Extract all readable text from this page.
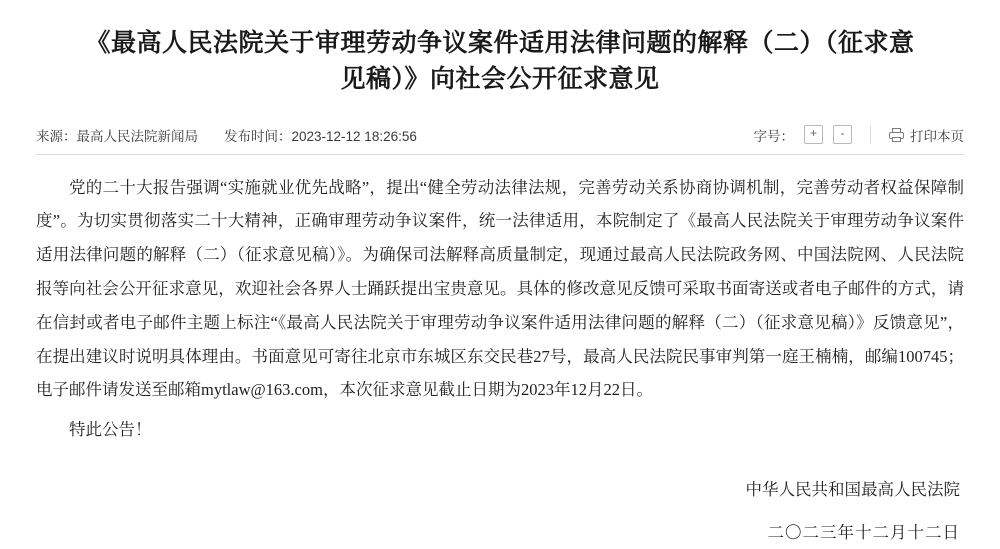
《最高人民法院关于审理劳动争议案件适用法律问题的解释（二）（征求意见稿）》向社会公开征求意见
来源：最高人民法院新闻局 发布时间：2023-12-12 18:26:56	字号：	+	-	打印本页

党的二十大报告强调“实施就业优先战略”，提出“健全劳动法律法规，完善劳动关系协商协调机制，完善劳动者权益保障制度”。为切实贯彻落实二十大精神，正确审理劳动争议案件，统一法律适用，本院制定了《最高人民法院关于审理劳动争议案件适用法律问题的解释（二）（征求意见稿）》。为确保司法解释高质量制定，现通过最高人民法院政务网、中国法院网、人民法院报等向社会公开征求意见，欢迎社会各界人士踊跃提出宝贵意见。具体的修改意见反馈可采取书面寄送或者电子邮件的方式，请在信封或者电子邮件主题上标注“《最高人民法院关于审理劳动争议案件适用法律问题的解释（二）（征求意见稿）》反馈意见”，在提出建议时说明具体理由。书面意见可寄往北京市东城区东交民巷27号，最高人民法院民事审判第一庭王楠楠，邮编100745；电子邮件请发送至邮箱mytlaw@163.com，本次征求意见截止日期为2023年12月22日。

特此公告！

中华人民共和国最高人民法院
二〇二三年十二月十二日
